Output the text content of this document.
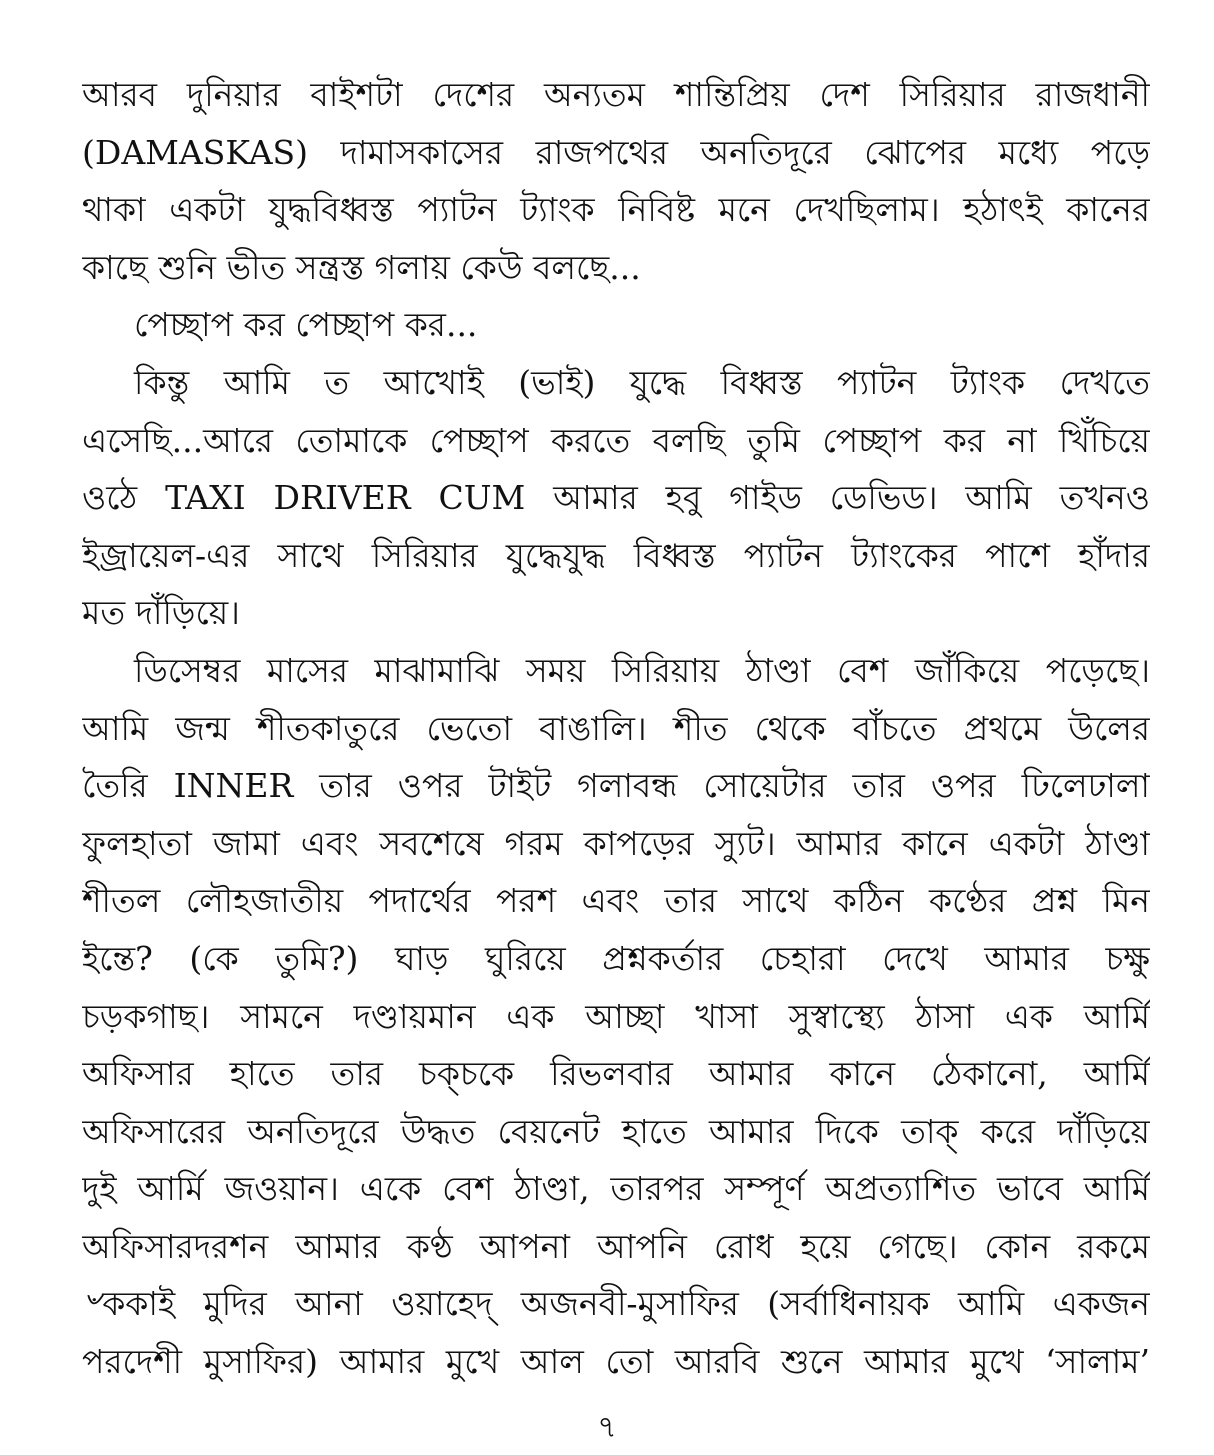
আরব দুনিয়ার বাইশটা দেশের অন্যতম শান্তিপ্রিয় দেশ সিরিয়ার রাজধানী
(DAMASKAS) দামাসকাসের রাজপথের অনতিদূরে ঝোপের মধ্যে পড়ে
থাকা একটা যুদ্ধবিধ্বস্ত প্যাটন ট্যাংক নিবিষ্ট মনে দেখছিলাম। হঠাৎই কানের
কাছে শুনি ভীত সন্ত্রস্ত গলায় কেউ বলছে...
পেচ্ছাপ কর পেচ্ছাপ কর...
কিন্তু আমি ত আখোই (ভাই) যুদ্ধে বিধ্বস্ত প্যাটন ট্যাংক দেখতে
এসেছি...আরে তোমাকে পেচ্ছাপ করতে বলছি তুমি পেচ্ছাপ কর না খিঁচিয়ে
ওঠে TAXI DRIVER CUM আমার হবু গাইড ডেভিড। আমি তখনও
ইজ্রায়েল-এর সাথে সিরিয়ার যুদ্ধেযুদ্ধ বিধ্বস্ত প্যাটন ট্যাংকের পাশে হাঁদার
মত দাঁড়িয়ে।
ডিসেম্বর মাসের মাঝামাঝি সময় সিরিয়ায় ঠাণ্ডা বেশ জাঁকিয়ে পড়েছে।
আমি জন্ম শীতকাতুরে ভেতো বাঙালি। শীত থেকে বাঁচতে প্রথমে উলের
তৈরি INNER তার ওপর টাইট গলাবন্ধ সোয়েটার তার ওপর ঢিলেঢালা
ফুলহাতা জামা এবং সবশেষে গরম কাপড়ের স্যুট। আমার কানে একটা ঠাণ্ডা
শীতল লৌহজাতীয় পদার্থের পরশ এবং তার সাথে কঠিন কণ্ঠের প্রশ্ন মিন
ইন্তে? (কে তুমি?) ঘাড় ঘুরিয়ে প্রশ্নকর্তার চেহারা দেখে আমার চক্ষু
চড়কগাছ। সামনে দণ্ডায়মান এক আচ্ছা খাসা সুস্বাস্থ্যে ঠাসা এক আর্মি
অফিসার হাতে তার চক্চকে রিভলবার আমার কানে ঠেকানো, আর্মি
অফিসারের অনতিদূরে উদ্ধত বেয়নেট হাতে আমার দিকে তাক্ করে দাঁড়িয়ে
দুই আর্মি জওয়ান। একে বেশ ঠাণ্ডা, তারপর সম্পূর্ণ অপ্রত্যাশিত ভাবে আর্মি
অফিসারদরশন আমার কণ্ঠ আপনা আপনি রোধ হয়ে গেছে। কোন রকমে
৺ককাই মুদির আনা ওয়াহেদ্ অজনবী-মুসাফির (সর্বাধিনায়ক আমি একজন
পরদেশী মুসাফির) আমার মুখে আল তো আরবি শুনে আমার মুখে ‘সালাম’
৭
